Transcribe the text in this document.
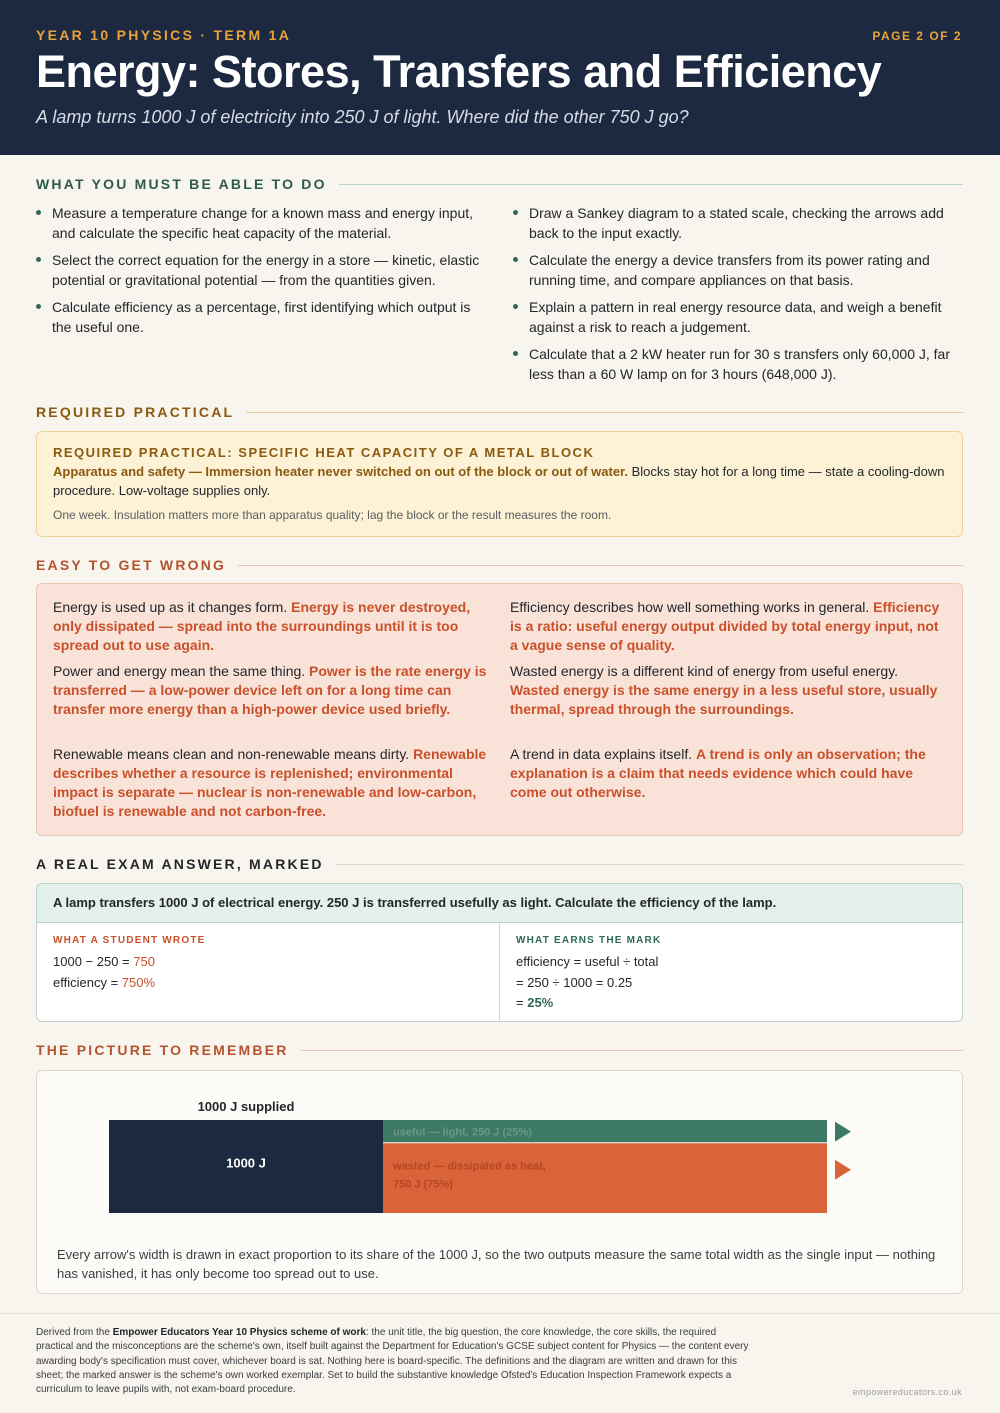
YEAR 10 PHYSICS · TERM 1A	PAGE 2 OF 2
Energy: Stores, Transfers and Efficiency
A lamp turns 1000 J of electricity into 250 J of light. Where did the other 750 J go?
WHAT YOU MUST BE ABLE TO DO
Measure a temperature change for a known mass and energy input, and calculate the specific heat capacity of the material.
Select the correct equation for the energy in a store — kinetic, elastic potential or gravitational potential — from the quantities given.
Calculate efficiency as a percentage, first identifying which output is the useful one.
Draw a Sankey diagram to a stated scale, checking the arrows add back to the input exactly.
Calculate the energy a device transfers from its power rating and running time, and compare appliances on that basis.
Explain a pattern in real energy resource data, and weigh a benefit against a risk to reach a judgement.
Calculate that a 2 kW heater run for 30 s transfers only 60,000 J, far less than a 60 W lamp on for 3 hours (648,000 J).
REQUIRED PRACTICAL
REQUIRED PRACTICAL: SPECIFIC HEAT CAPACITY OF A METAL BLOCK
Apparatus and safety — Immersion heater never switched on out of the block or out of water. Blocks stay hot for a long time — state a cooling-down procedure. Low-voltage supplies only.
One week. Insulation matters more than apparatus quality; lag the block or the result measures the room.
EASY TO GET WRONG
Energy is used up as it changes form. Energy is never destroyed, only dissipated — spread into the surroundings until it is too spread out to use again.
Efficiency describes how well something works in general. Efficiency is a ratio: useful energy output divided by total energy input, not a vague sense of quality.
Power and energy mean the same thing. Power is the rate energy is transferred — a low-power device left on for a long time can transfer more energy than a high-power device used briefly.
Wasted energy is a different kind of energy from useful energy. Wasted energy is the same energy in a less useful store, usually thermal, spread through the surroundings.
Renewable means clean and non-renewable means dirty. Renewable describes whether a resource is replenished; environmental impact is separate — nuclear is non-renewable and low-carbon, biofuel is renewable and not carbon-free.
A trend in data explains itself. A trend is only an observation; the explanation is a claim that needs evidence which could have come out otherwise.
A REAL EXAM ANSWER, MARKED
A lamp transfers 1000 J of electrical energy. 250 J is transferred usefully as light. Calculate the efficiency of the lamp.
WHAT A STUDENT WROTE
1000 − 250 = 750
efficiency = 750%
WHAT EARNS THE MARK
efficiency = useful ÷ total
= 250 ÷ 1000 = 0.25
= 25%
THE PICTURE TO REMEMBER
1000 J supplied
1000 J
useful — light, 250 J (25%)
wasted — dissipated as heat,
750 J (75%)
Every arrow's width is drawn in exact proportion to its share of the 1000 J, so the two outputs measure the same total width as the single input — nothing has vanished, it has only become too spread out to use.
Derived from the Empower Educators Year 10 Physics scheme of work: the unit title, the big question, the core knowledge, the core skills, the required practical and the misconceptions are the scheme's own, itself built against the Department for Education's GCSE subject content for Physics — the content every awarding body's specification must cover, whichever board is sat. Nothing here is board-specific. The definitions and the diagram are written and drawn for this sheet; the marked answer is the scheme's own worked exemplar. Set to build the substantive knowledge Ofsted's Education Inspection Framework expects a curriculum to leave pupils with, not exam-board procedure.	empowereducators.co.uk
